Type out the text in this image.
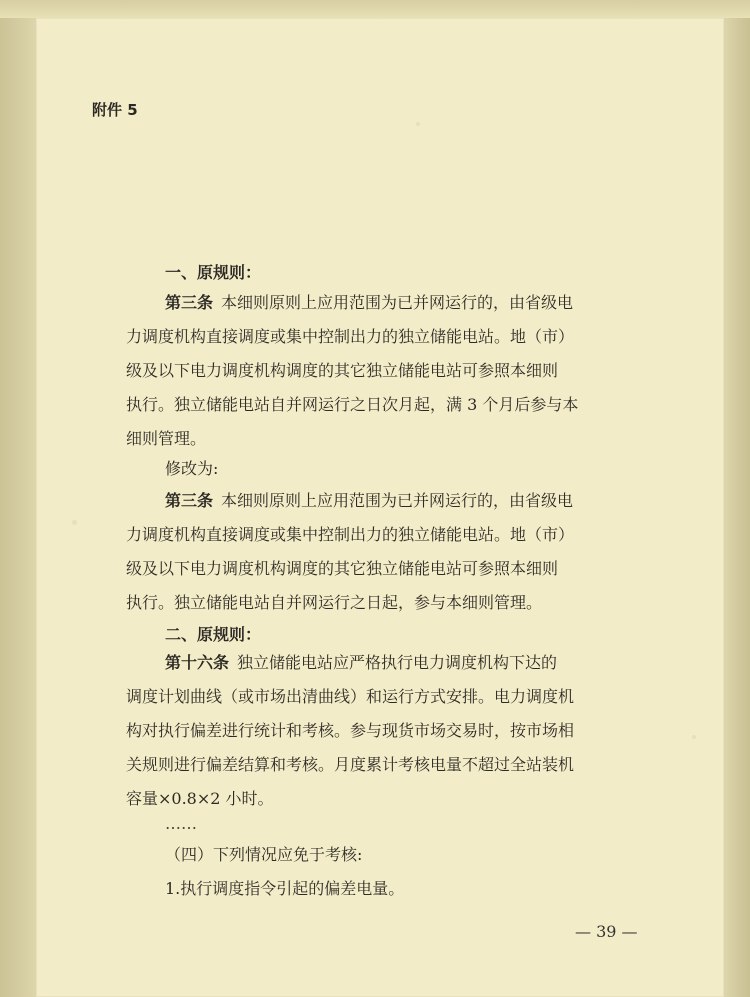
附件 5
一、原规则：
第三条 本细则原则上应用范围为已并网运行的，由省级电
力调度机构直接调度或集中控制出力的独立储能电站。地（市）
级及以下电力调度机构调度的其它独立储能电站可参照本细则
执行。独立储能电站自并网运行之日次月起，满 3 个月后参与本
细则管理。
修改为:
第三条 本细则原则上应用范围为已并网运行的，由省级电
力调度机构直接调度或集中控制出力的独立储能电站。地（市）
级及以下电力调度机构调度的其它独立储能电站可参照本细则
执行。独立储能电站自并网运行之日起，参与本细则管理。
二、原规则：
第十六条 独立储能电站应严格执行电力调度机构下达的
调度计划曲线（或市场出清曲线）和运行方式安排。电力调度机
构对执行偏差进行统计和考核。参与现货市场交易时，按市场相
关规则进行偏差结算和考核。月度累计考核电量不超过全站装机
容量×0.8×2 小时。
……
（四）下列情况应免于考核:
1.执行调度指令引起的偏差电量。
— 39 —
